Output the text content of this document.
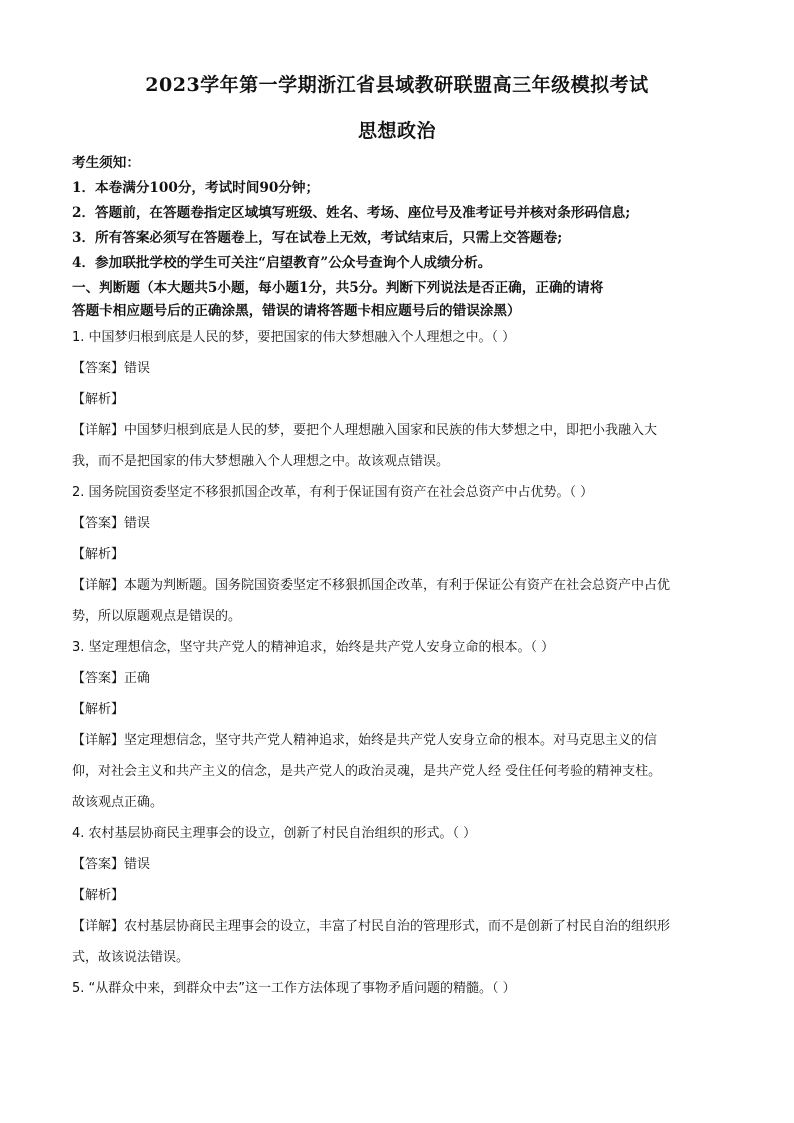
2023学年第一学期浙江省县域教研联盟高三年级模拟考试
思想政治
考生须知：
1．本卷满分100分，考试时间90分钟；
2．答题前，在答题卷指定区域填写班级、姓名、考场、座位号及准考证号并核对条形码信息;
3．所有答案必须写在答题卷上，写在试卷上无效，考试结束后，只需上交答题卷;
4．参加联批学校的学生可关注“启望教育”公众号查询个人成绩分析。
一、判断题（本大题共5小题，每小题1分，共5分。判断下列说法是否正确，正确的请将
答题卡相应题号后的正确涂黑，错误的请将答题卡相应题号后的错误涂黑）
1. 中国梦归根到底是人民的梦，要把国家的伟大梦想融入个人理想之中。（ ）
【答案】错误
【解析】
【详解】中国梦归根到底是人民的梦，要把个人理想融入国家和民族的伟大梦想之中，即把小我融入大
我，而不是把国家的伟大梦想融入个人理想之中。故该观点错误。
2. 国务院国资委坚定不移狠抓国企改革，有利于保证国有资产在社会总资产中占优势。（ ）
【答案】错误
【解析】
【详解】本题为判断题。国务院国资委坚定不移狠抓国企改革，有利于保证公有资产在社会总资产中占优
势，所以原题观点是错误的。
3. 坚定理想信念，坚守共产党人的精神追求，始终是共产党人安身立命的根本。（ ）
【答案】正确
【解析】
【详解】坚定理想信念，坚守共产党人精神追求，始终是共产党人安身立命的根本。对马克思主义的信
仰，对社会主义和共产主义的信念，是共产党人的政治灵魂，是共产党人经 受住任何考验的精神支柱。
故该观点正确。
4. 农村基层协商民主理事会的设立，创新了村民自治组织的形式。（ ）
【答案】错误
【解析】
【详解】农村基层协商民主理事会的设立，丰富了村民自治的管理形式，而不是创新了村民自治的组织形
式，故该说法错误。
5. “从群众中来，到群众中去”这一工作方法体现了事物矛盾问题的精髓。（ ）
